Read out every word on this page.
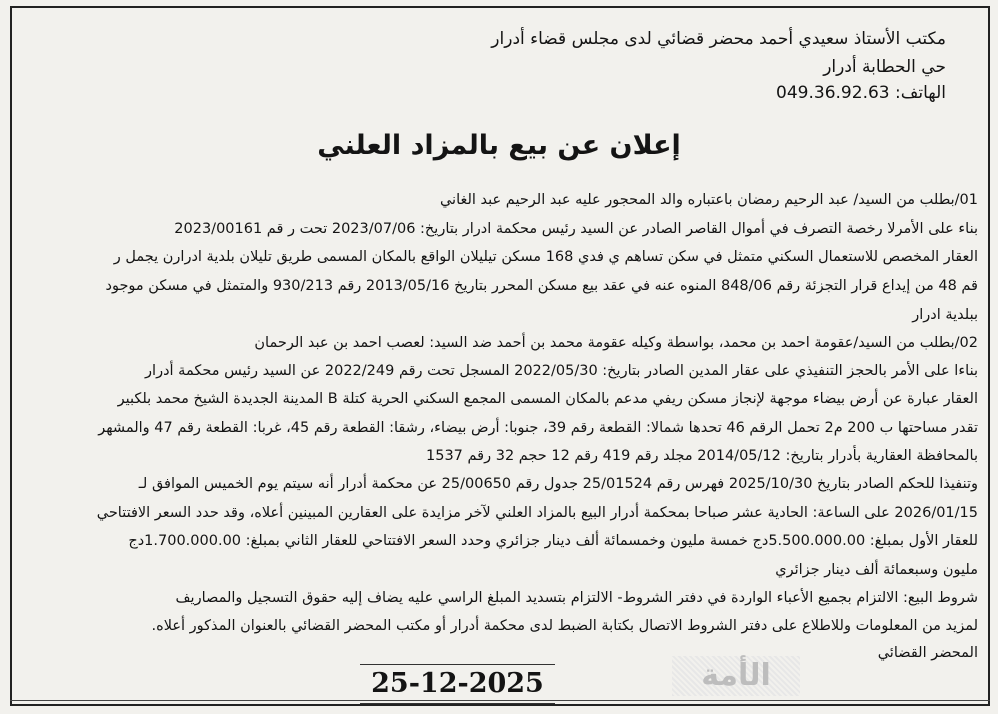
مكتب الأستاذ سعيدي أحمد محضر قضائي لدى مجلس قضاء أدرار
حي الحطابة أدرار
الهاتف: 049.36.92.63
إعلان عن بيع بالمزاد العلني
01/بطلب من السيد/ عبد الرحيم رمضان باعتباره والد المحجور عليه عبد الرحيم عبد الغاني
بناء على الأمرلا رخصة التصرف في أموال القاصر الصادر عن السيد رئيس محكمة ادرار بتاريخ: 2023/07/06 تحت ر قم 2023/00161
العقار المخصص للاستعمال السكني متمثل في سكن تساهم ي فدي 168 مسكن تيليلان الواقع بالمكان المسمى طريق تليلان بلدية ادرارن يجمل ر
قم 48 من إيداع قرار التجزئة رقم 848/06 المنوه عنه في عقد بيع مسكن المحرر بتاريخ 2013/05/16 رقم 930/213 والمتمثل في مسكن موجود
ببلدية ادرار
02/بطلب من السيد/عقومة احمد بن محمد، بواسطة وكيله عقومة محمد بن أحمد ضد السيد: لعصب احمد بن عبد الرحمان
بناءا على الأمر بالحجز التنفيذي على عقار المدين الصادر بتاريخ: 2022/05/30 المسجل تحت رقم 2022/249 عن السيد رئيس محكمة أدرار
العقار عبارة عن أرض بيضاء موجهة لإنجاز مسكن ريفي مدعم بالمكان المسمى المجمع السكني الحرية كتلة B المدينة الجديدة الشيخ محمد بلكبير
تقدر مساحتها ب 200 م2 تحمل الرقم 46 تحدها شمالا: القطعة رقم 39، جنوبا: أرض بيضاء، رشقا: القطعة رقم 45، غربا: القطعة رقم 47 والمشهر
بالمحافظة العقارية بأدرار بتاريخ: 2014/05/12 مجلد رقم 419 رقم 12 حجم 32 رقم 1537
وتنفيذا للحكم الصادر بتاريخ 2025/10/30 فهرس رقم 25/01524 جدول رقم 25/00650 عن محكمة أدرار أنه سيتم يوم الخميس الموافق لـ
2026/01/15 على الساعة: الحادية عشر صباحا بمحكمة أدرار البيع بالمزاد العلني لآخر مزايدة على العقارين المبينين أعلاه، وقد حدد السعر الافتتاحي
للعقار الأول بمبلغ: 5.500.000.00دج خمسة مليون وخمسمائة ألف دينار جزائري وحدد السعر الافتتاحي للعقار الثاني بمبلغ: 1.700.000.00دج
مليون وسبعمائة ألف دينار جزائري
شروط البيع: الالتزام بجميع الأعباء الواردة في دفتر الشروط- الالتزام بتسديد المبلغ الراسي عليه يضاف إليه حقوق التسجيل والمصاريف
لمزيد من المعلومات وللاطلاع على دفتر الشروط الاتصال بكتابة الضبط لدى محكمة أدرار أو مكتب المحضر القضائي بالعنوان المذكور أعلاه.
المحضر القضائي
الأمة
25-12-2025
